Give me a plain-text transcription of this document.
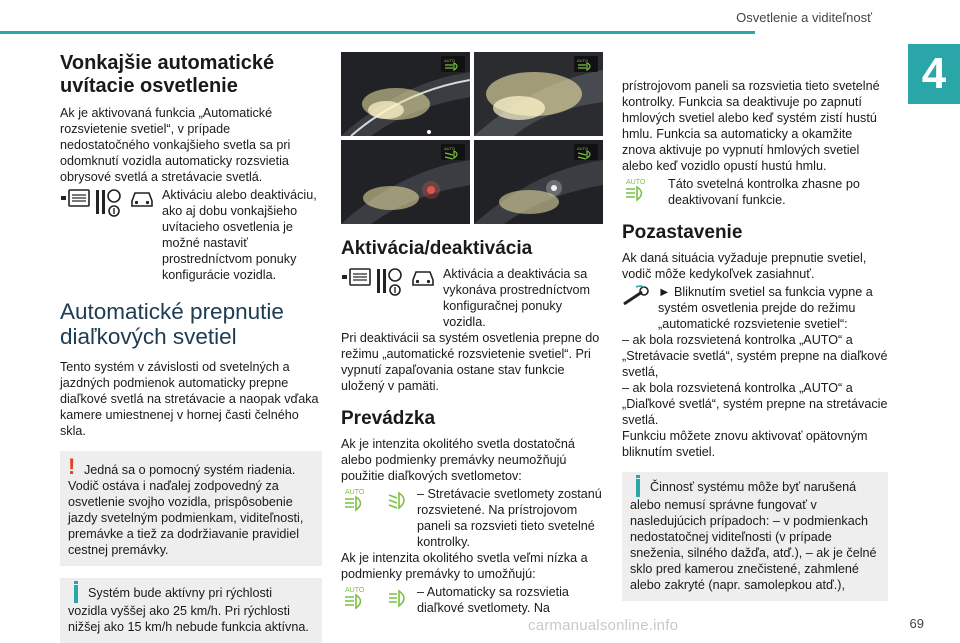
Osvetlenie a viditeľnosť
4
Vonkajšie automatické uvítacie osvetlenie

Ak je aktivovaná funkcia „Automatické rozsvietenie svetiel“, v prípade nedostatočného vonkajšieho svetla sa pri odomknutí vozidla automaticky rozsvietia obrysové svetlá a stretávacie svetlá.

Aktiváciu alebo deaktiváciu, ako aj dobu vonkajšieho uvítacieho osvetlenia je možné nastaviť prostredníctvom ponuky konfigurácie vozidla.

Automatické prepnutie diaľkových svetiel

Tento systém v závislosti od svetelných a jazdných podmienok automaticky prepne diaľkové svetlá na stretávacie a naopak vďaka kamere umiestnenej v hornej časti čelného skla.

! Jedná sa o pomocný systém riadenia. Vodič ostáva i naďalej zodpovedný za osvetlenie svojho vozidla, prispôsobenie jazdy svetelným podmienkam, viditeľnosti, premávke a tiež za dodržiavanie pravidiel cestnej premávky.

Systém bude aktívny pri rýchlosti vozidla vyššej ako 25 km/h. Pri rýchlosti nižšej ako 15 km/h nebude funkcia aktívna.

AUTO	AUTO
AUTO	AUTO
Aktivácia/deaktivácia

Aktivácia a deaktivácia sa vykonáva prostredníctvom konfiguračnej ponuky vozidla.

Pri deaktivácii sa systém osvetlenia prepne do režimu „automatické rozsvietenie svetiel“. Pri vypnutí zapaľovania ostane stav funkcie uložený v pamäti.

Prevádzka

Ak je intenzita okolitého svetla dostatočná alebo podmienky premávky neumožňujú použitie diaľkových svetlometov:

AUTO	– Stretávacie svetlomety zostanú rozsvietené. Na prístrojovom paneli sa rozsvieti tieto svetelné kontrolky.

Ak je intenzita okolitého svetla veľmi nízka a podmienky premávky to umožňujú:

AUTO	– Automaticky sa rozsvietia diaľkové svetlomety. Na

prístrojovom paneli sa rozsvietia tieto svetelné kontrolky. Funkcia sa deaktivuje po zapnutí hmlových svetiel alebo keď systém zistí hustú hmlu. Funkcia sa automaticky a okamžite znova aktivuje po vypnutí hmlových svetiel alebo keď vozidlo opustí hustú hmlu.

AUTO Táto svetelná kontrolka zhasne po deaktivovaní funkcie.

Pozastavenie

Ak daná situácia vyžaduje prepnutie svetiel, vodič môže kedykoľvek zasiahnuť.

► Bliknutím svetiel sa funkcia vypne a systém osvetlenia prejde do režimu „automatické rozsvietenie svetiel“:

– ak bola rozsvietená kontrolka „AUTO“ a „Stretávacie svetlá“, systém prepne na diaľkové svetlá,

– ak bola rozsvietená kontrolka „AUTO“ a „Diaľkové svetlá“, systém prepne na stretávacie svetlá.

Funkciu môžete znovu aktivovať opätovným bliknutím svetiel.

Činnosť systému môže byť narušená alebo nemusí správne fungovať v nasledujúcich prípadoch: – v podmienkach nedostatočnej viditeľnosti (v prípade sneženia, silného dažďa, atď.), – ak je čelné sklo pred kamerou znečistené, zahmlené alebo zakryté (napr. samolepkou atď.),

carmanualsonline.info	69
